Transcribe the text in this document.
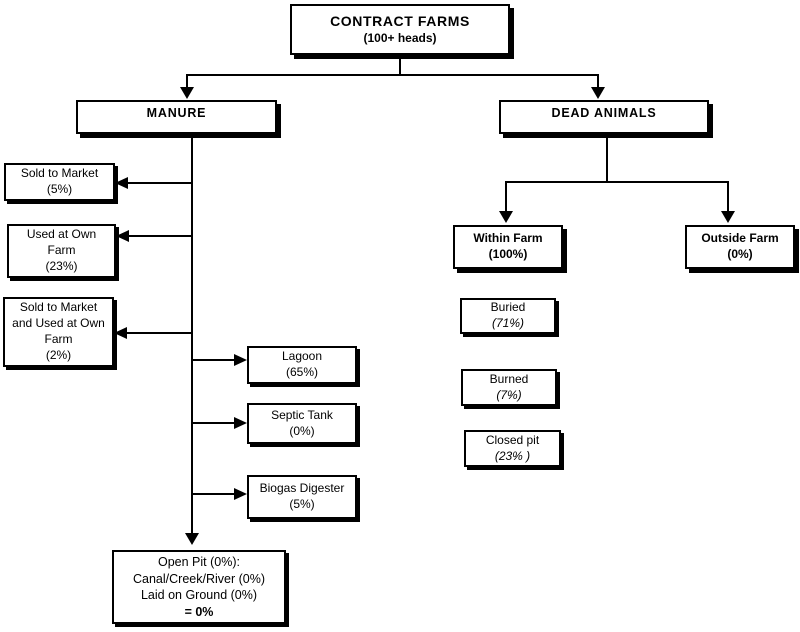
CONTRACT FARMS
(100+ heads)
MANURE	DEAD ANIMALS
Sold to Market
(5%)
Used at Own
Farm
(23%)
Sold to Market
and Used at Own
Farm
(2%)	Lagoon
(65%)
Septic Tank
(0%)
Biogas Digester
(5%)
Open Pit (0%):
Canal/Creek/River (0%)
Laid on Ground (0%)
= 0%
Within Farm
(100%)
Outside Farm
(0%)
Buried
(71%)
Burned
(7%)
Closed pit
(23% )
